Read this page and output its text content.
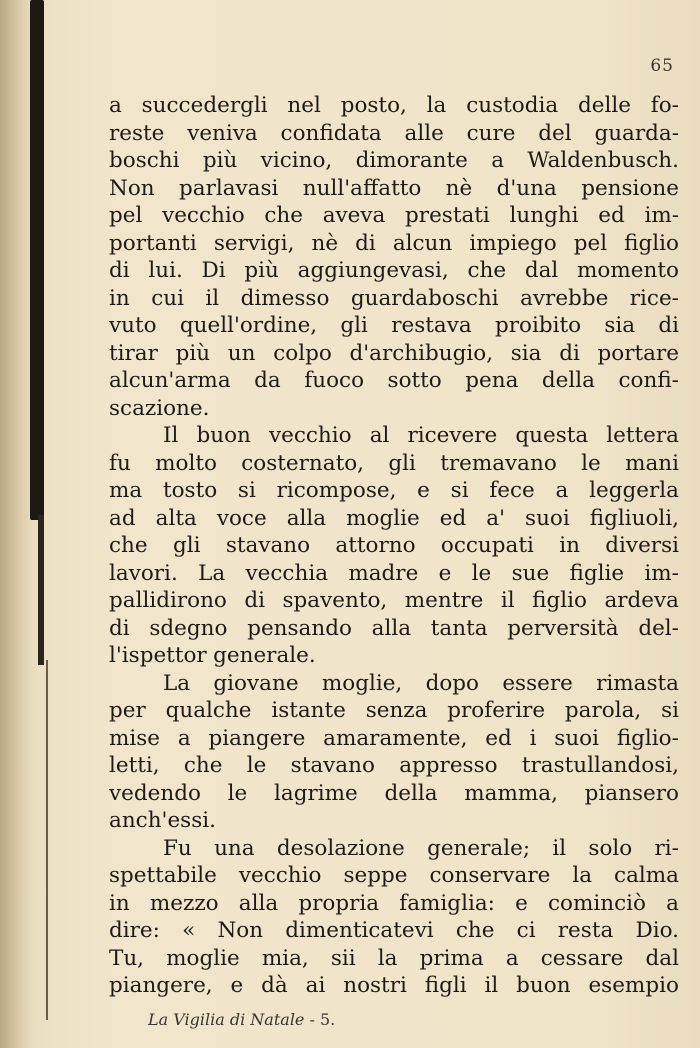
65
a succedergli nel posto, la custodia delle fo-
reste veniva confidata alle cure del guarda-
boschi più vicino, dimorante a Waldenbusch.
Non parlavasi null'affatto nè d'una pensione
pel vecchio che aveva prestati lunghi ed im-
portanti servigi, nè di alcun impiego pel figlio
di lui. Di più aggiungevasi, che dal momento
in cui il dimesso guardaboschi avrebbe rice-
vuto quell'ordine, gli restava proibito sia di
tirar più un colpo d'archibugio, sia di portare
alcun'arma da fuoco sotto pena della confi-
scazione.
Il buon vecchio al ricevere questa lettera
fu molto costernato, gli tremavano le mani
ma tosto si ricompose, e si fece a leggerla
ad alta voce alla moglie ed a' suoi figliuoli,
che gli stavano attorno occupati in diversi
lavori. La vecchia madre e le sue figlie im-
pallidirono di spavento, mentre il figlio ardeva
di sdegno pensando alla tanta perversità del-
l'ispettor generale.
La giovane moglie, dopo essere rimasta
per qualche istante senza proferire parola, si
mise a piangere amaramente, ed i suoi figlio-
letti, che le stavano appresso trastullandosi,
vedendo le lagrime della mamma, piansero
anch'essi.
Fu una desolazione generale; il solo ri-
spettabile vecchio seppe conservare la calma
in mezzo alla propria famiglia: e cominciò a
dire: « Non dimenticatevi che ci resta Dio.
Tu, moglie mia, sii la prima a cessare dal
piangere, e dà ai nostri figli il buon esempio
La Vigilia di Natale - 5.
